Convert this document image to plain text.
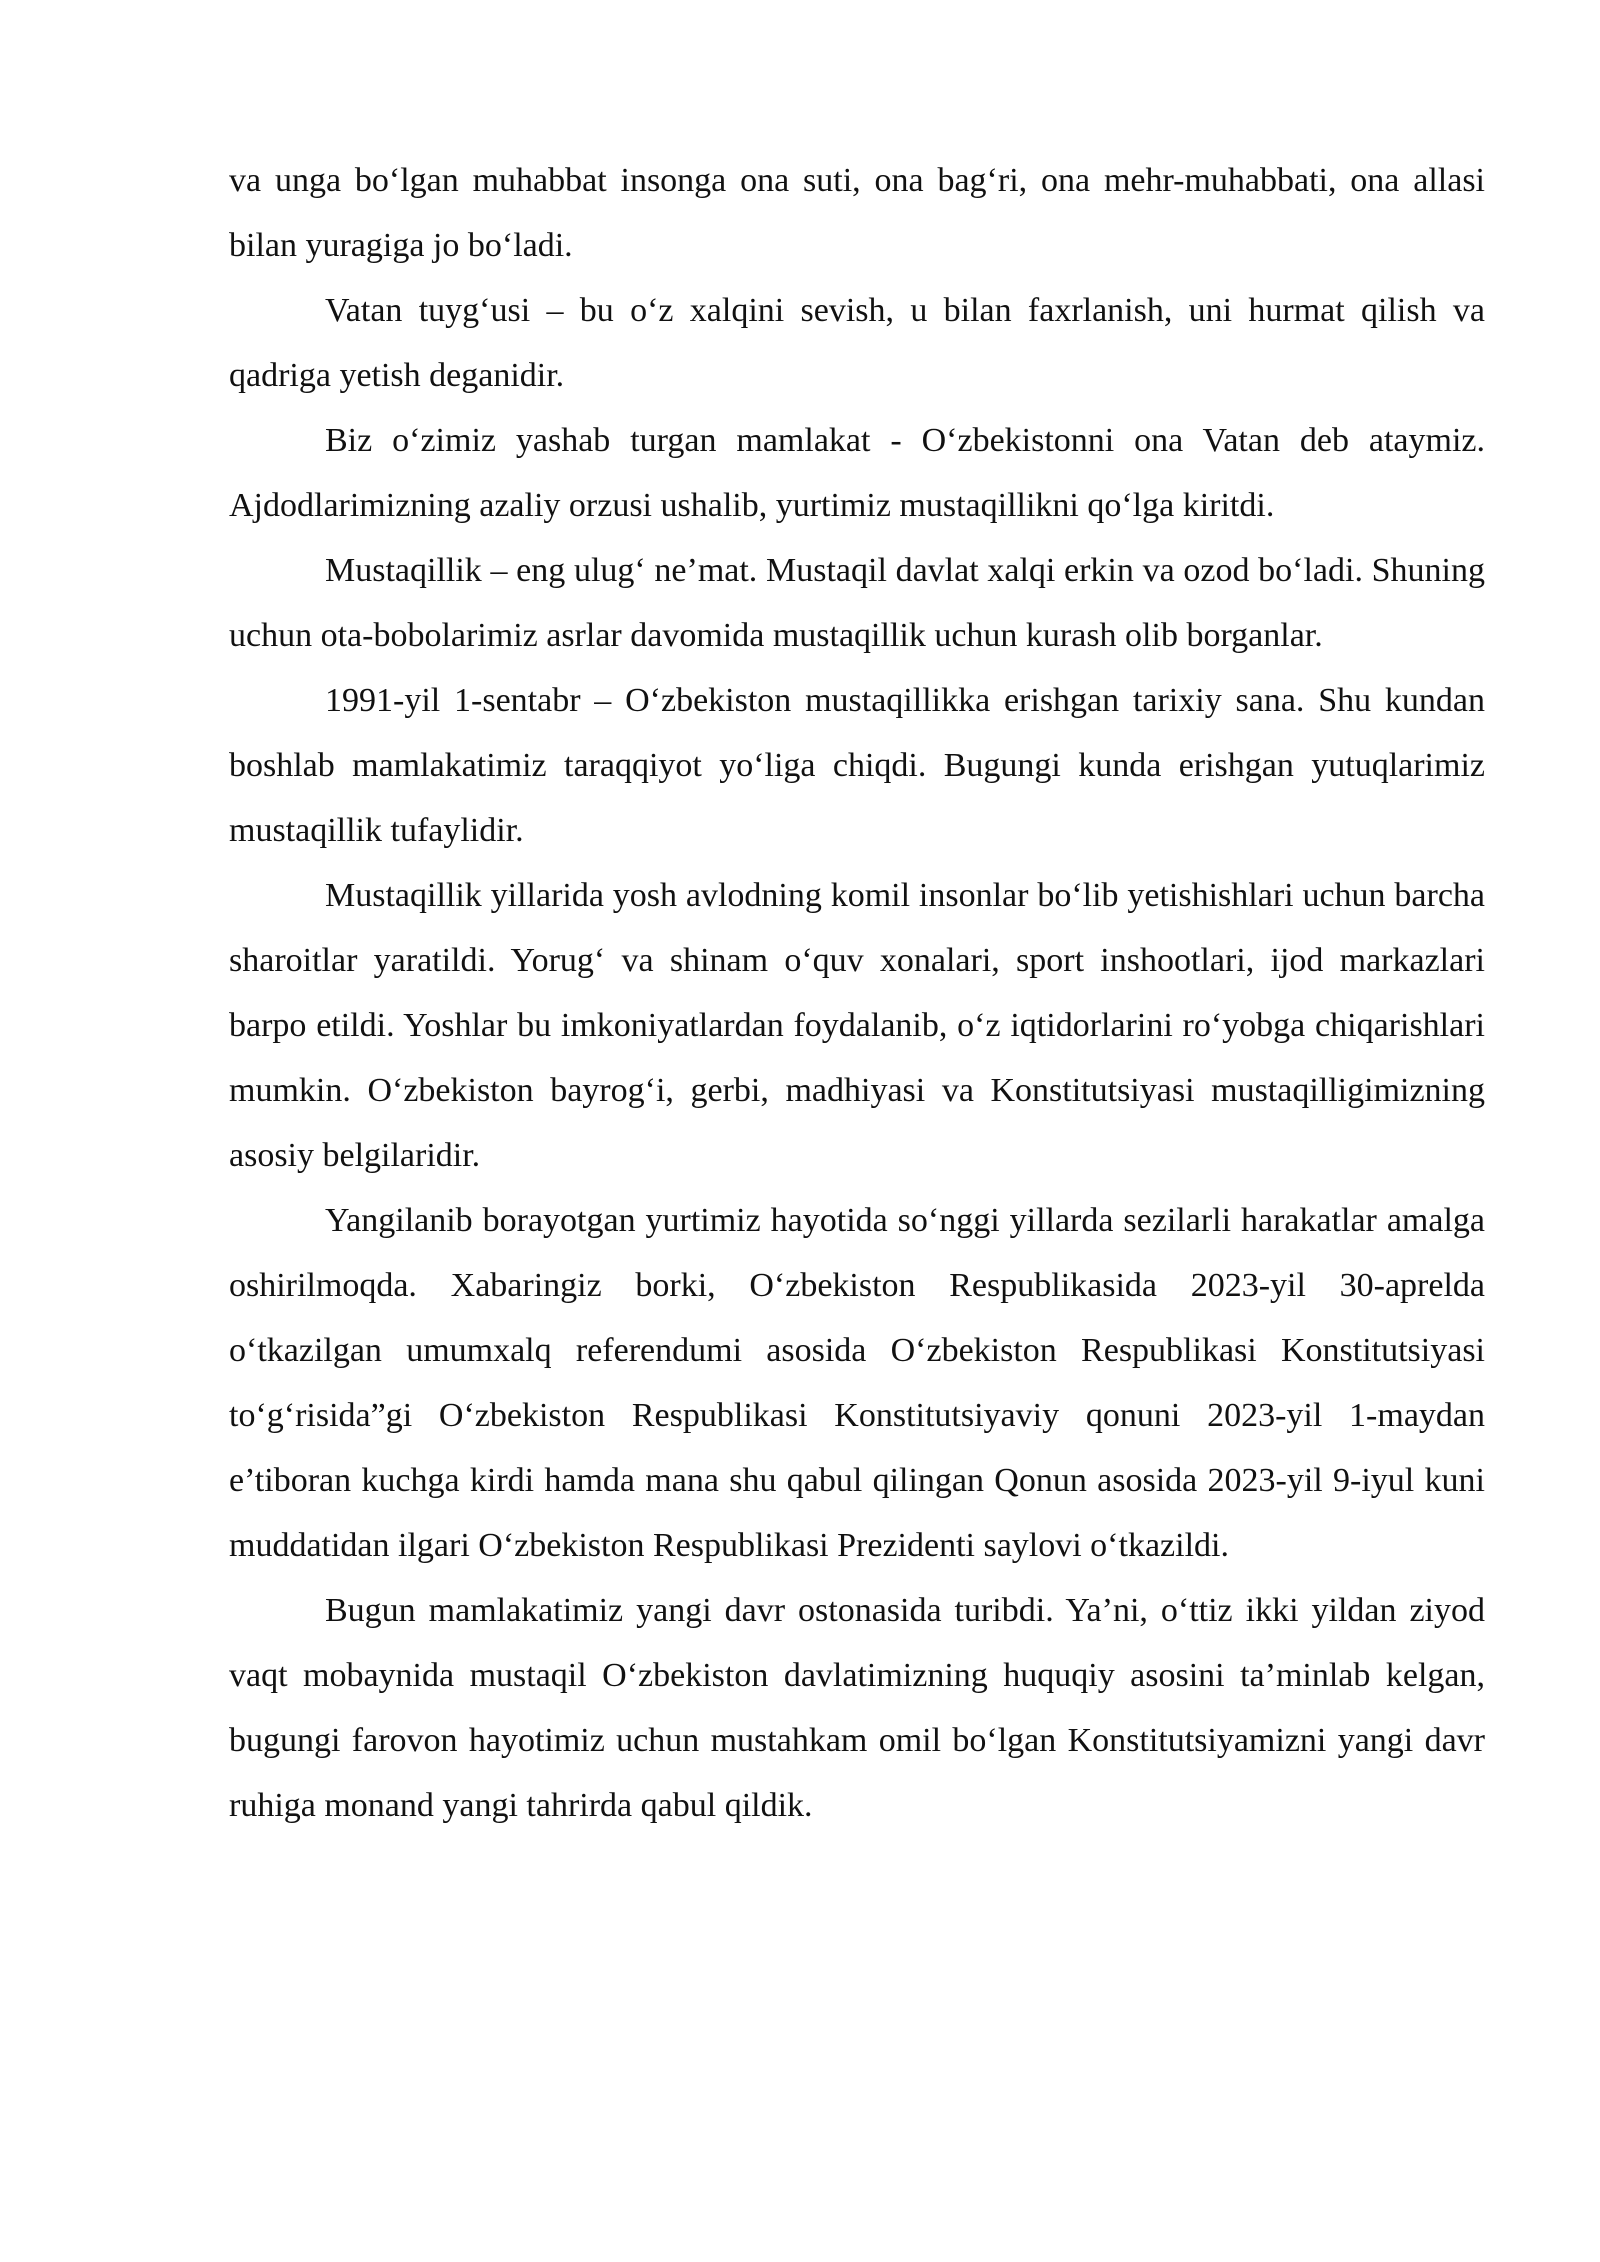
va unga bo‘lgan muhabbat insonga ona suti, ona bag‘ri, ona mehr-muhabbati, ona allasi bilan yuragiga jo bo‘ladi.

Vatan tuyg‘usi – bu o‘z xalqini sevish, u bilan faxrlanish, uni hurmat qilish va qadriga yetish deganidir.

Biz o‘zimiz yashab turgan mamlakat - O‘zbekistonni ona Vatan deb ataymiz. Ajdodlarimizning azaliy orzusi ushalib, yurtimiz mustaqillikni qo‘lga kiritdi.

Mustaqillik – eng ulug‘ ne’mat. Mustaqil davlat xalqi erkin va ozod bo‘ladi. Shuning uchun ota-bobolarimiz asrlar davomida mustaqillik uchun kurash olib borganlar.

1991-yil 1-sentabr – O‘zbekiston mustaqillikka erishgan tarixiy sana. Shu kundan boshlab mamlakatimiz taraqqiyot yo‘liga chiqdi. Bugungi kunda erishgan yutuqlarimiz mustaqillik tufaylidir.

Mustaqillik yillarida yosh avlodning komil insonlar bo‘lib yetishishlari uchun barcha sharoitlar yaratildi. Yorug‘ va shinam o‘quv xonalari, sport inshootlari, ijod markazlari barpo etildi. Yoshlar bu imkoniyatlardan foydalanib, o‘z iqtidorlarini ro‘yobga chiqarishlari mumkin. O‘zbekiston bayrog‘i, gerbi, madhiyasi va Konstitutsiyasi mustaqilligimizning asosiy belgilaridir.

Yangilanib borayotgan yurtimiz hayotida so‘nggi yillarda sezilarli harakatlar amalga oshirilmoqda. Xabaringiz borki, O‘zbekiston Respublikasida 2023-yil 30-aprelda o‘tkazilgan umumxalq referendumi asosida O‘zbekiston Respublikasi Konstitutsiyasi to‘g‘risida”gi O‘zbekiston Respublikasi Konstitutsiyaviy qonuni 2023-yil 1-maydan e’tiboran kuchga kirdi hamda mana shu qabul qilingan Qonun asosida 2023-yil 9-iyul kuni muddatidan ilgari O‘zbekiston Respublikasi Prezidenti saylovi o‘tkazildi.

Bugun mamlakatimiz yangi davr ostonasida turibdi. Ya’ni, o‘ttiz ikki yildan ziyod vaqt mobaynida mustaqil O‘zbekiston davlatimizning huquqiy asosini ta’minlab kelgan, bugungi farovon hayotimiz uchun mustahkam omil bo‘lgan Konstitutsiyamizni yangi davr ruhiga monand yangi tahrirda qabul qildik.
